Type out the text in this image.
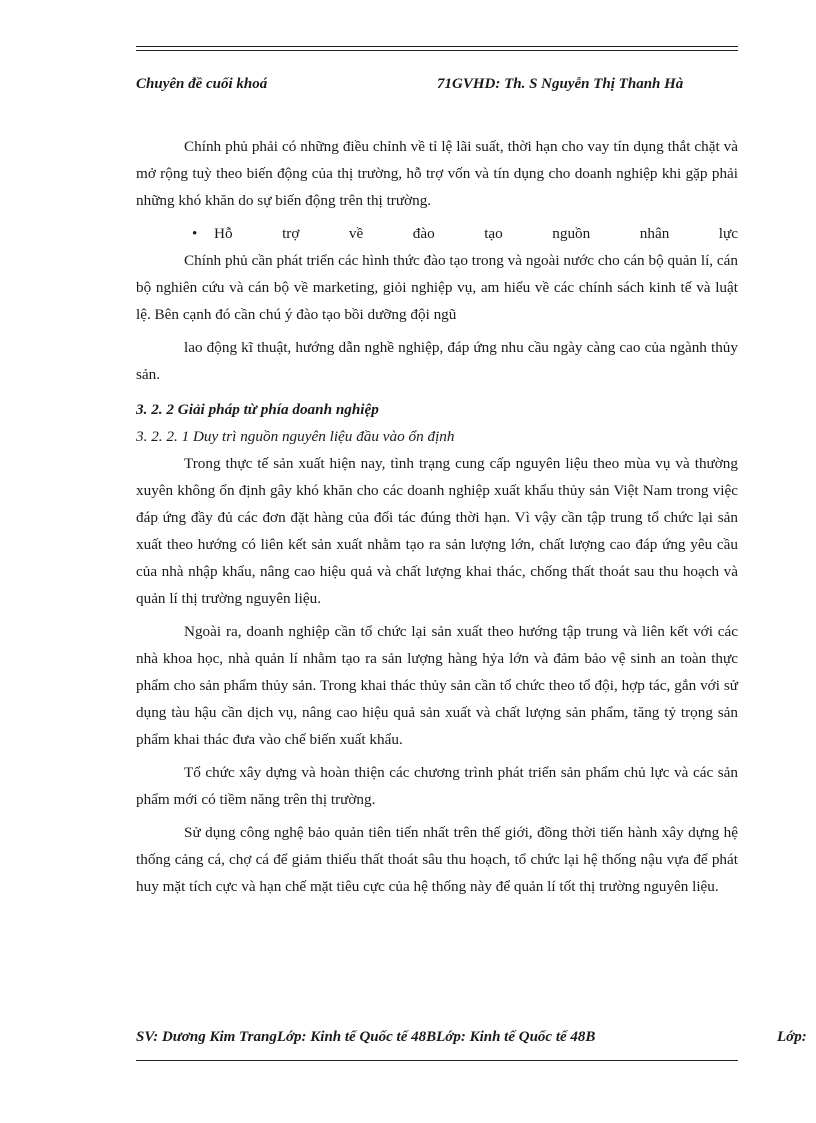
Chuyên đề cuối khoá	71GVHD: Th. S Nguyễn Thị Thanh Hà

Chính phủ phải có những điều chỉnh về tỉ lệ lãi suất, thời hạn cho vay tín dụng thắt chặt và mở rộng tuỳ theo biến động của thị trường, hỗ trợ vốn và tín dụng cho doanh nghiệp khi gặp phải những khó khăn do sự biến động trên thị trường.

•	Hỗ trợ về đào tạo nguồn nhân lực

Chính phủ cần phát triển các hình thức đào tạo trong và ngoài nước cho cán bộ quản lí, cán bộ nghiên cứu và cán bộ về marketing, giỏi nghiệp vụ, am hiểu về các chính sách kinh tế và luật lệ. Bên cạnh đó cần chú ý đào tạo bồi dưỡng đội ngũ

lao động kĩ thuật, hướng dẫn nghề nghiệp, đáp ứng nhu cầu ngày càng cao của ngành thủy sản.

3. 2. 2 Giải pháp từ phía doanh nghiệp

3. 2. 2. 1 Duy trì nguồn nguyên liệu đầu vào ổn định

Trong thực tế sản xuất hiện nay, tình trạng cung cấp nguyên liệu theo mùa vụ và thường xuyên không ổn định gây khó khăn cho các doanh nghiệp xuất khẩu thủy sản Việt Nam trong việc đáp ứng đầy đủ các đơn đặt hàng của đối tác đúng thời hạn. Vì vậy cần tập trung tổ chức lại sản xuất theo hướng có liên kết sản xuất nhằm tạo ra sản lượng lớn, chất lượng cao đáp ứng yêu cầu của nhà nhập khẩu, nâng cao hiệu quả và chất lượng khai thác, chống thất thoát sau thu hoạch và quản lí thị trường nguyên liệu.

Ngoài ra, doanh nghiệp cần tổ chức lại sản xuất theo hướng tập trung và liên kết với các nhà khoa học, nhà quản lí nhằm tạo ra sản lượng hàng hỷa lớn và đảm bảo vệ sinh an toàn thực phẩm cho sản phẩm thủy sản. Trong khai thác thủy sản cần tổ chức theo tổ đội, hợp tác, gắn với sử dụng tàu hậu cần dịch vụ, nâng cao hiệu quả sản xuất và chất lượng sản phẩm, tăng tỷ trọng sản phẩm khai thác đưa vào chế biến xuất khẩu.

Tổ chức xây dựng và hoàn thiện các chương trình phát triển sản phẩm chủ lực và các sản phẩm mới có tiềm năng trên thị trường.

Sử dụng công nghệ bảo quản tiên tiến nhất trên thế giới, đồng thời tiến hành xây dựng hệ thống cảng cá, chợ cá để giảm thiểu thất thoát sâu thu hoạch, tổ chức lại hệ thống nậu vựa để phát huy mặt tích cực và hạn chế mặt tiêu cực của hệ thống này để quản lí tốt thị trường nguyên liệu.

SV: Dương Kim TrangLớp: Kinh tế Quốc tế 48BLớp: Kinh tế Quốc tế 48B	Lớp:
